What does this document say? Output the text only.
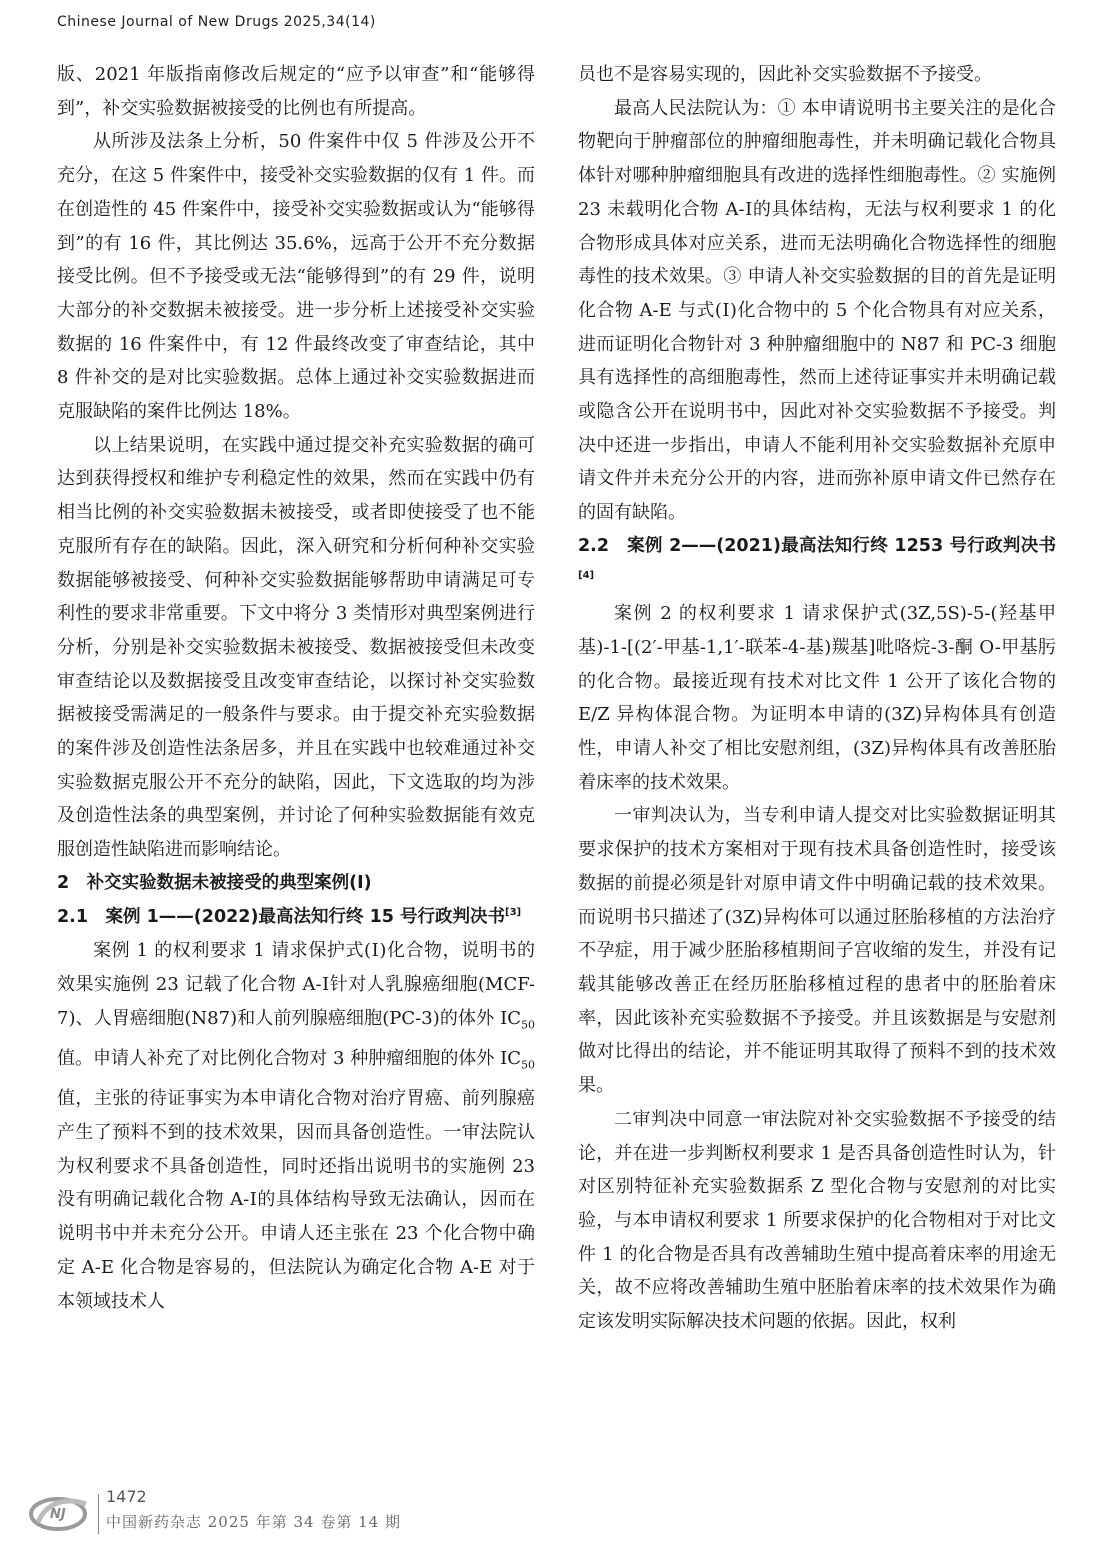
Chinese Journal of New Drugs 2025,34(14)

版、2021 年版指南修改后规定的“应予以审查”和“能够得到”，补交实验数据被接受的比例也有所提高。

从所涉及法条上分析，50 件案件中仅 5 件涉及公开不充分，在这 5 件案件中，接受补交实验数据的仅有 1 件。而在创造性的 45 件案件中，接受补交实验数据或认为“能够得到”的有 16 件，其比例达 35.6%，远高于公开不充分数据接受比例。但不予接受或无法“能够得到”的有 29 件，说明大部分的补交数据未被接受。进一步分析上述接受补交实验数据的 16 件案件中，有 12 件最终改变了审查结论，其中 8 件补交的是对比实验数据。总体上通过补交实验数据进而克服缺陷的案件比例达 18%。

以上结果说明，在实践中通过提交补充实验数据的确可达到获得授权和维护专利稳定性的效果，然而在实践中仍有相当比例的补交实验数据未被接受，或者即使接受了也不能克服所有存在的缺陷。因此，深入研究和分析何种补交实验数据能够被接受、何种补交实验数据能够帮助申请满足可专利性的要求非常重要。下文中将分 3 类情形对典型案例进行分析，分别是补交实验数据未被接受、数据被接受但未改变审查结论以及数据接受且改变审查结论，以探讨补交实验数据被接受需满足的一般条件与要求。由于提交补充实验数据的案件涉及创造性法条居多，并且在实践中也较难通过补交实验数据克服公开不充分的缺陷，因此，下文选取的均为涉及创造性法条的典型案例，并讨论了何种实验数据能有效克服创造性缺陷进而影响结论。

2　补交实验数据未被接受的典型案例(Ⅰ)
2.1　案例 1——(2022)最高法知行终 15 号行政判决书[3]

案例 1 的权利要求 1 请求保护式(Ⅰ)化合物，说明书的效果实施例 23 记载了化合物 A-Ⅰ针对人乳腺癌细胞(MCF-7)、人胃癌细胞(N87)和人前列腺癌细胞(PC-3)的体外 $IC_{50}$值。申请人补充了对比例化合物对 3 种肿瘤细胞的体外 $IC_{50}$值，主张的待证事实为本申请化合物对治疗胃癌、前列腺癌产生了预料不到的技术效果，因而具备创造性。一审法院认为权利要求不具备创造性，同时还指出说明书的实施例 23 没有明确记载化合物 A-Ⅰ的具体结构导致无法确认，因而在说明书中并未充分公开。申请人还主张在 23 个化合物中确定 A-E 化合物是容易的，但法院认为确定化合物 A-E 对于本领域技术人

员也不是容易实现的，因此补交实验数据不予接受。

最高人民法院认为：① 本申请说明书主要关注的是化合物靶向于肿瘤部位的肿瘤细胞毒性，并未明确记载化合物具体针对哪种肿瘤细胞具有改进的选择性细胞毒性。② 实施例 23 未载明化合物 A-Ⅰ的具体结构，无法与权利要求 1 的化合物形成具体对应关系，进而无法明确化合物选择性的细胞毒性的技术效果。③ 申请人补交实验数据的目的首先是证明化合物 A-E 与式(Ⅰ)化合物中的 5 个化合物具有对应关系，进而证明化合物针对 3 种肿瘤细胞中的 N87 和 PC-3 细胞具有选择性的高细胞毒性，然而上述待证事实并未明确记载或隐含公开在说明书中，因此对补交实验数据不予接受。判决中还进一步指出，申请人不能利用补交实验数据补充原申请文件并未充分公开的内容，进而弥补原申请文件已然存在的固有缺陷。

2.2　案例 2——(2021)最高法知行终 1253 号行政判决书[4]

案例 2 的权利要求 1 请求保护式(3Z,5S)-5-(羟基甲基)-1-[(2′-甲基-1,1′-联苯-4-基)羰基]吡咯烷-3-酮 O-甲基肟的化合物。最接近现有技术对比文件 1 公开了该化合物的 E/Z 异构体混合物。为证明本申请的(3Z)异构体具有创造性，申请人补交了相比安慰剂组，(3Z)异构体具有改善胚胎着床率的技术效果。

一审判决认为，当专利申请人提交对比实验数据证明其要求保护的技术方案相对于现有技术具备创造性时，接受该数据的前提必须是针对原申请文件中明确记载的技术效果。而说明书只描述了(3Z)异构体可以通过胚胎移植的方法治疗不孕症，用于减少胚胎移植期间子宫收缩的发生，并没有记载其能够改善正在经历胚胎移植过程的患者中的胚胎着床率，因此该补充实验数据不予接受。并且该数据是与安慰剂做对比得出的结论，并不能证明其取得了预料不到的技术效果。

二审判决中同意一审法院对补交实验数据不予接受的结论，并在进一步判断权利要求 1 是否具备创造性时认为，针对区别特征补充实验数据系 Z 型化合物与安慰剂的对比实验，与本申请权利要求 1 所要求保护的化合物相对于对比文件 1 的化合物是否具有改善辅助生殖中提高着床率的用途无关，故不应将改善辅助生殖中胚胎着床率的技术效果作为确定该发明实际解决技术问题的依据。因此，权利

NJ
1472
中国新药杂志 2025 年第 34 卷第 14 期
